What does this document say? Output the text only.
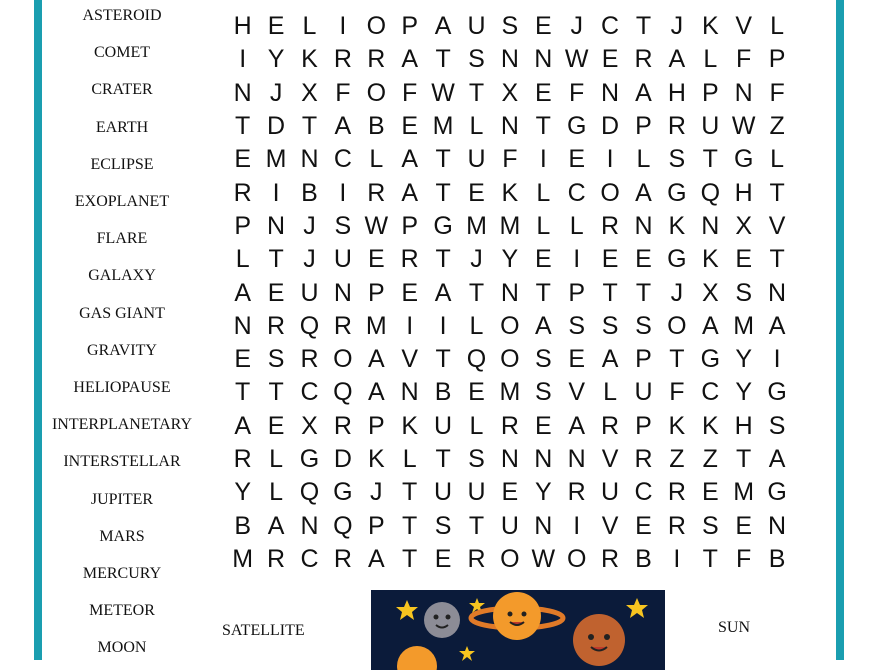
ASTEROID
COMET
CRATER
EARTH
ECLIPSE
EXOPLANET
FLARE
GALAXY
GAS GIANT
GRAVITY
HELIOPAUSE
INTERPLANETARY
INTERSTELLAR
JUPITER
MARS
MERCURY
METEOR
MOON
H E L I O P A U S E J C T J K V L
I Y K R R A T S N N W E R A L F P
N J X F O F W T X E F N A H P N F
T D T A B E M L N T G D P R U W Z
E M N C L A T U F I E I L S T G L
R I B I R A T E K L C O A G Q H T
P N J S W P G M M L L R N K N X V
L T J U E R T J Y E I E E G K E T
A E U N P E A T N T P T T J X S N
N R Q R M I	I L O A S S S O A M A
E S R O A V T Q O S E A P T G Y I
T T C Q A N B E M S V L U F C Y G
A E X R P K U L R E A R P K K H S
R L G D K L T S N N N V R Z Z T A
Y L Q G J T U U E Y R U C R E M G
B A N Q P T S T U N I V E R S E N
M R C R A T E R O W O R B I T F B
SATELLITE	SUN
